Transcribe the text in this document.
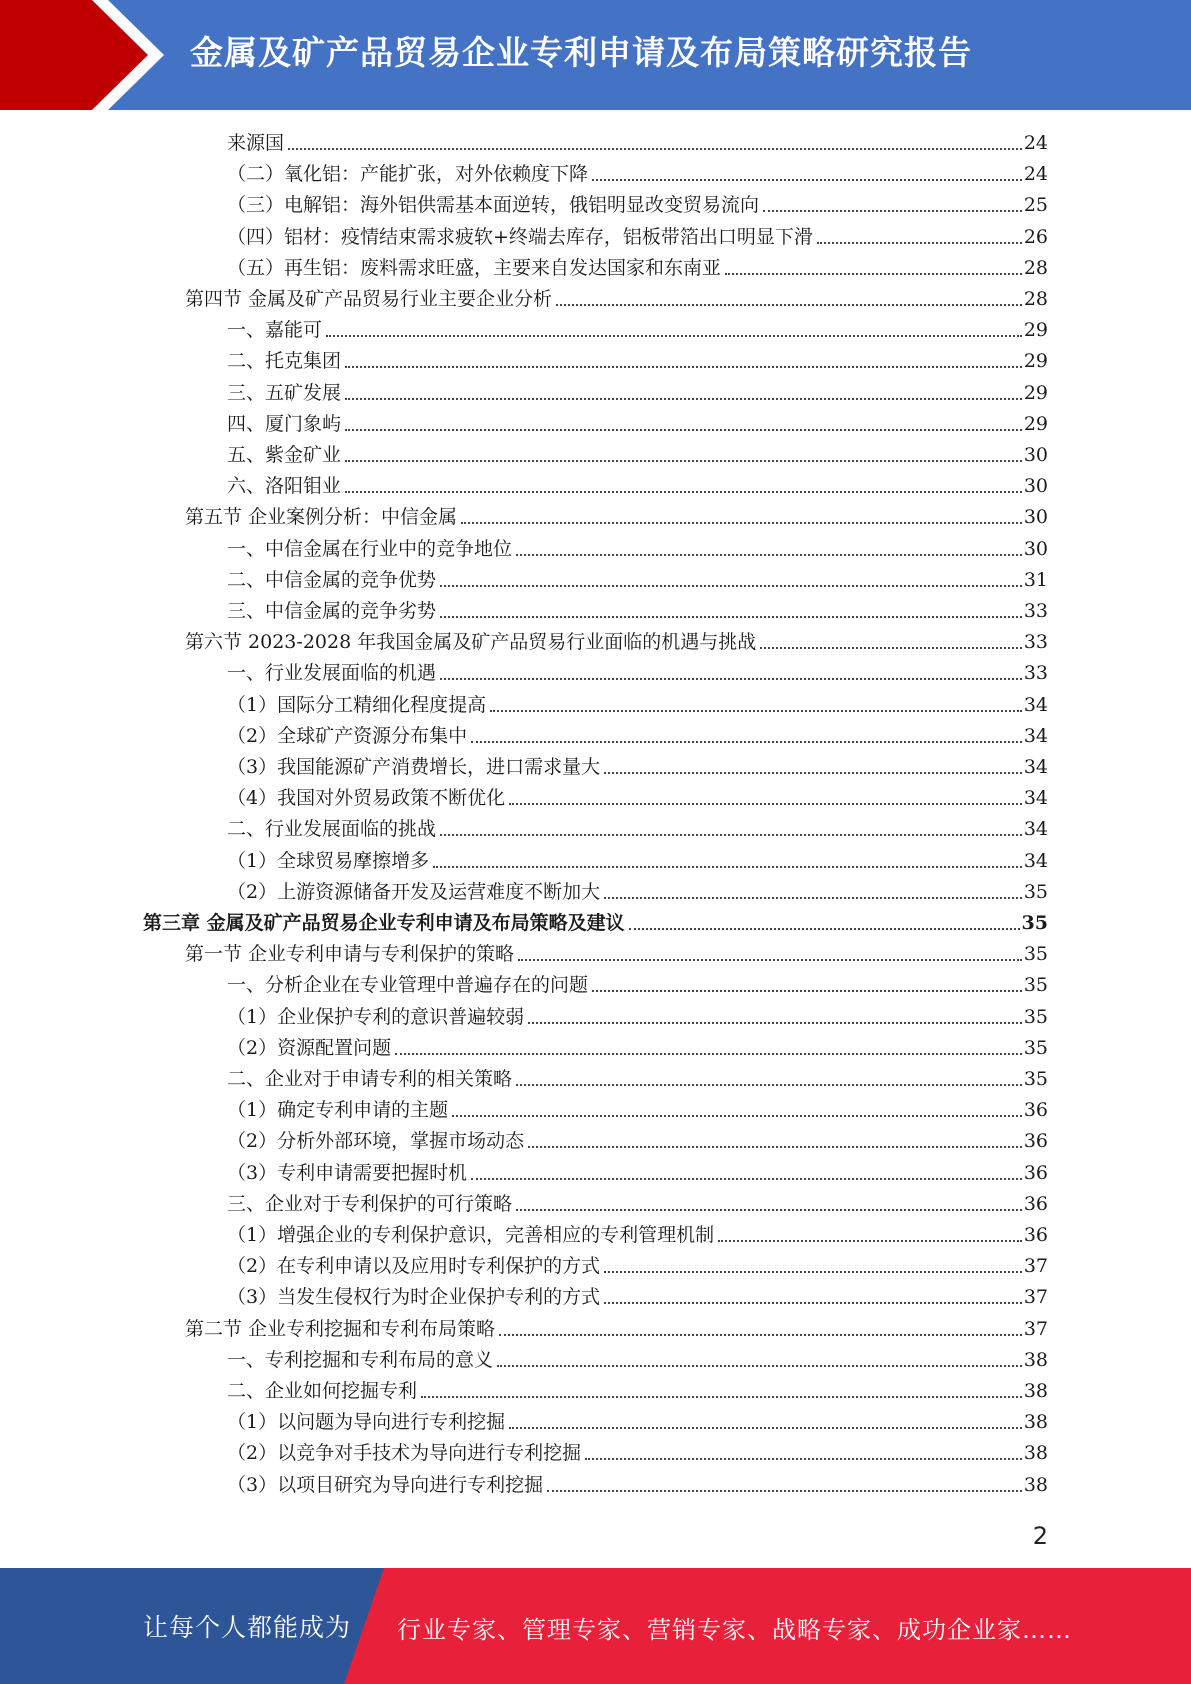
金属及矿产品贸易企业专利申请及布局策略研究报告
来源国	24
（二）氧化铝：产能扩张，对外依赖度下降	24
（三）电解铝：海外铝供需基本面逆转，俄铝明显改变贸易流向	25
（四）铝材：疫情结束需求疲软+终端去库存，铝板带箔出口明显下滑	26
（五）再生铝：废料需求旺盛，主要来自发达国家和东南亚	28
第四节 金属及矿产品贸易行业主要企业分析	28
一、嘉能可	29
二、托克集团	29
三、五矿发展	29
四、厦门象屿	29
五、紫金矿业	30
六、洛阳钼业	30
第五节 企业案例分析：中信金属	30
一、中信金属在行业中的竞争地位	30
二、中信金属的竞争优势	31
三、中信金属的竞争劣势	33
第六节 2023-2028 年我国金属及矿产品贸易行业面临的机遇与挑战	33
一、行业发展面临的机遇	33
（1）国际分工精细化程度提高	34
（2）全球矿产资源分布集中	34
（3）我国能源矿产消费增长，进口需求量大	34
（4）我国对外贸易政策不断优化	34
二、行业发展面临的挑战	34
（1）全球贸易摩擦增多	34
（2）上游资源储备开发及运营难度不断加大	35
第三章 金属及矿产品贸易企业专利申请及布局策略及建议	35
第一节 企业专利申请与专利保护的策略	35
一、分析企业在专业管理中普遍存在的问题	35
（1）企业保护专利的意识普遍较弱	35
（2）资源配置问题	35
二、企业对于申请专利的相关策略	35
（1）确定专利申请的主题	36
（2）分析外部环境，掌握市场动态	36
（3）专利申请需要把握时机	36
三、企业对于专利保护的可行策略	36
（1）增强企业的专利保护意识，完善相应的专利管理机制	36
（2）在专利申请以及应用时专利保护的方式	37
（3）当发生侵权行为时企业保护专利的方式	37
第二节 企业专利挖掘和专利布局策略	37
一、专利挖掘和专利布局的意义	38
二、企业如何挖掘专利	38
（1）以问题为导向进行专利挖掘	38
（2）以竞争对手技术为导向进行专利挖掘	38
（3）以项目研究为导向进行专利挖掘	38
2
让每个人都能成为 行业专家、管理专家、营销专家、战略专家、成功企业家……
